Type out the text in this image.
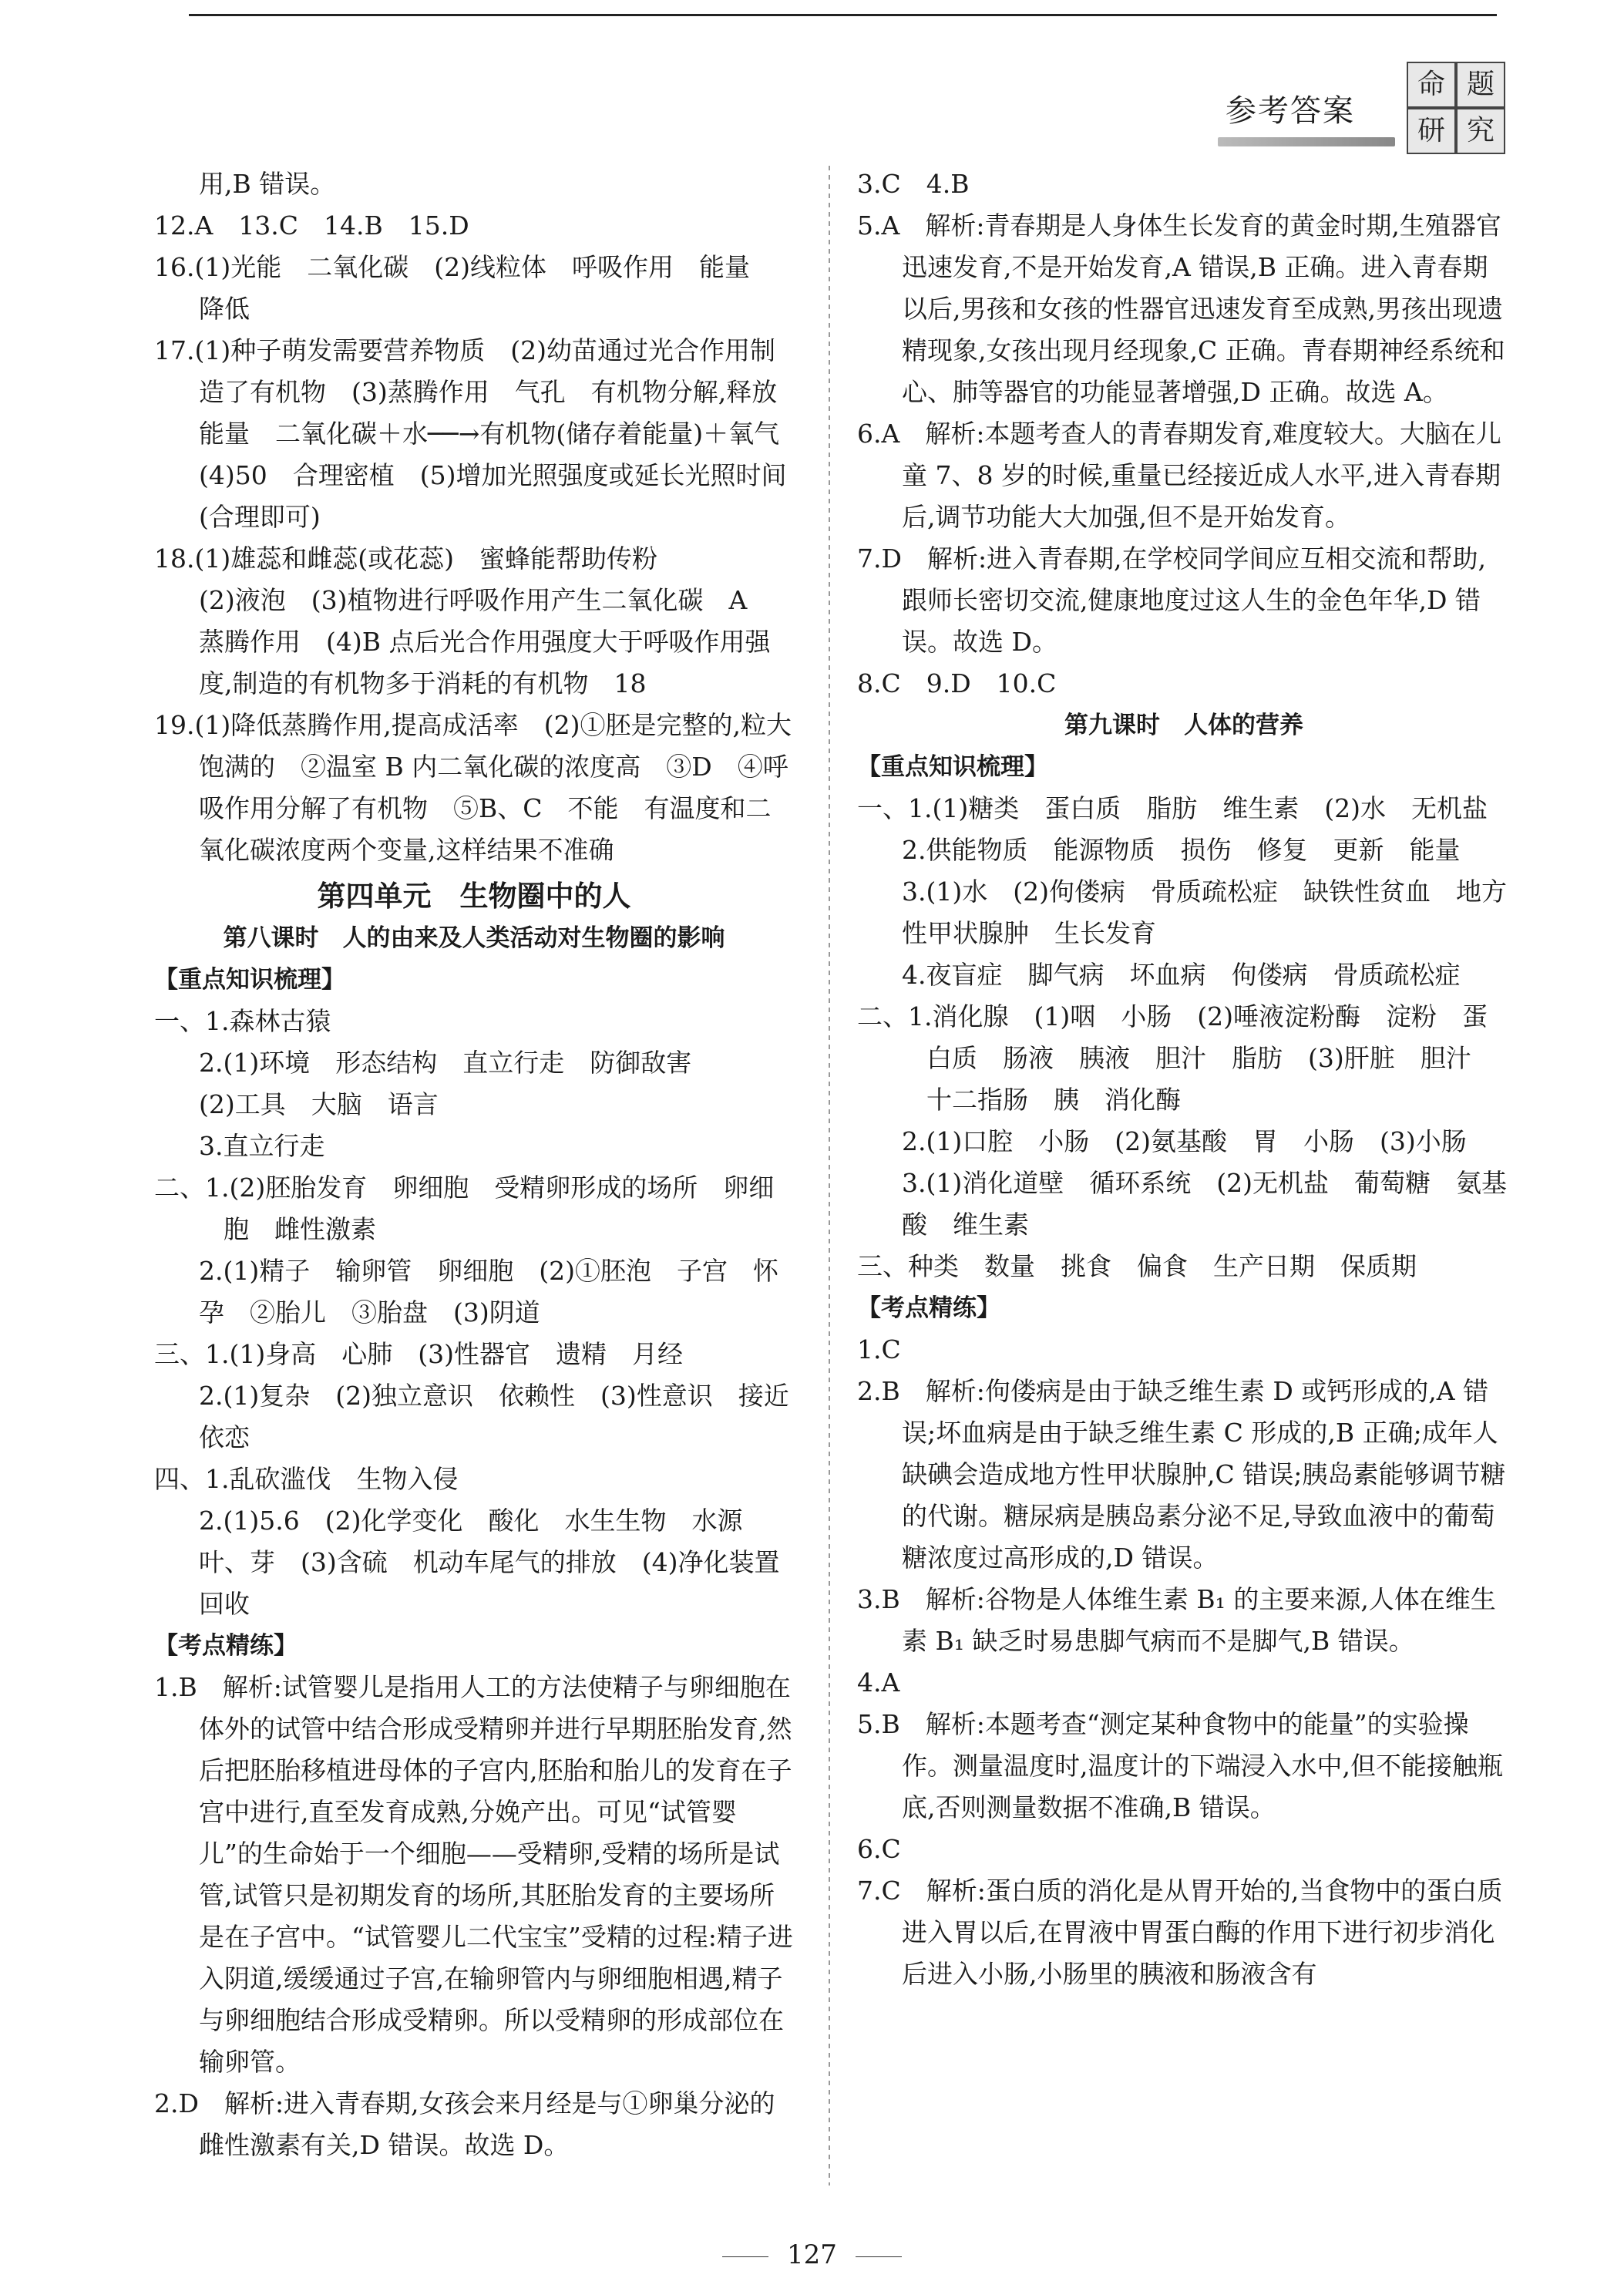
参考答案
命 题
研 究
用,B 错误。
12.A　13.C　14.B　15.D
16.(1)光能　二氧化碳　(2)线粒体　呼吸作用　能量　降低
17.(1)种子萌发需要营养物质　(2)幼苗通过光合作用制造了有机物　(3)蒸腾作用　气孔　有机物分解,释放能量　二氧化碳＋水──→有机物(储存着能量)＋氧气　(4)50　合理密植　(5)增加光照强度或延长光照时间(合理即可)
18.(1)雄蕊和雌蕊(或花蕊)　蜜蜂能帮助传粉
(2)液泡　(3)植物进行呼吸作用产生二氧化碳　A　蒸腾作用　(4)B 点后光合作用强度大于呼吸作用强度,制造的有机物多于消耗的有机物　18
19.(1)降低蒸腾作用,提高成活率　(2)①胚是完整的,粒大饱满的　②温室 B 内二氧化碳的浓度高　③D　④呼吸作用分解了有机物　⑤B、C　不能　有温度和二氧化碳浓度两个变量,这样结果不准确
第四单元　生物圈中的人
第八课时　人的由来及人类活动对生物圈的影响
【重点知识梳理】
一、1.森林古猿
2.(1)环境　形态结构　直立行走　防御敌害
(2)工具　大脑　语言
3.直立行走
二、1.(2)胚胎发育　卵细胞　受精卵形成的场所　卵细胞　雌性激素
2.(1)精子　输卵管　卵细胞　(2)①胚泡　子宫　怀孕　②胎儿　③胎盘　(3)阴道
三、1.(1)身高　心肺　(3)性器官　遗精　月经
2.(1)复杂　(2)独立意识　依赖性　(3)性意识　接近　依恋
四、1.乱砍滥伐　生物入侵
2.(1)5.6　(2)化学变化　酸化　水生生物　水源　叶、芽　(3)含硫　机动车尾气的排放　(4)净化装置　回收
【考点精练】
1.B　解析:试管婴儿是指用人工的方法使精子与卵细胞在体外的试管中结合形成受精卵并进行早期胚胎发育,然后把胚胎移植进母体的子宫内,胚胎和胎儿的发育在子宫中进行,直至发育成熟,分娩产出。可见“试管婴儿”的生命始于一个细胞——受精卵,受精的场所是试管,试管只是初期发育的场所,其胚胎发育的主要场所是在子宫中。“试管婴儿二代宝宝”受精的过程:精子进入阴道,缓缓通过子宫,在输卵管内与卵细胞相遇,精子与卵细胞结合形成受精卵。所以受精卵的形成部位在输卵管。
2.D　解析:进入青春期,女孩会来月经是与①卵巢分泌的雌性激素有关,D 错误。故选 D。
3.C　4.B
5.A　解析:青春期是人身体生长发育的黄金时期,生殖器官迅速发育,不是开始发育,A 错误,B 正确。进入青春期以后,男孩和女孩的性器官迅速发育至成熟,男孩出现遗精现象,女孩出现月经现象,C 正确。青春期神经系统和心、肺等器官的功能显著增强,D 正确。故选 A。
6.A　解析:本题考查人的青春期发育,难度较大。大脑在儿童 7、8 岁的时候,重量已经接近成人水平,进入青春期后,调节功能大大加强,但不是开始发育。
7.D　解析:进入青春期,在学校同学间应互相交流和帮助,跟师长密切交流,健康地度过这人生的金色年华,D 错误。故选 D。
8.C　9.D　10.C
第九课时　人体的营养
【重点知识梳理】
一、1.(1)糖类　蛋白质　脂肪　维生素　(2)水　无机盐
2.供能物质　能源物质　损伤　修复　更新　能量
3.(1)水　(2)佝偻病　骨质疏松症　缺铁性贫血　地方性甲状腺肿　生长发育
4.夜盲症　脚气病　坏血病　佝偻病　骨质疏松症
二、1.消化腺　(1)咽　小肠　(2)唾液淀粉酶　淀粉　蛋白质　肠液　胰液　胆汁　脂肪　(3)肝脏　胆汁　十二指肠　胰　消化酶
2.(1)口腔　小肠　(2)氨基酸　胃　小肠　(3)小肠
3.(1)消化道壁　循环系统　(2)无机盐　葡萄糖　氨基酸　维生素
三、种类　数量　挑食　偏食　生产日期　保质期
【考点精练】
1.C
2.B　解析:佝偻病是由于缺乏维生素 D 或钙形成的,A 错误;坏血病是由于缺乏维生素 C 形成的,B 正确;成年人缺碘会造成地方性甲状腺肿,C 错误;胰岛素能够调节糖的代谢。糖尿病是胰岛素分泌不足,导致血液中的葡萄糖浓度过高形成的,D 错误。
3.B　解析:谷物是人体维生素 B₁ 的主要来源,人体在维生素 B₁ 缺乏时易患脚气病而不是脚气,B 错误。
4.A
5.B　解析:本题考查“测定某种食物中的能量”的实验操作。测量温度时,温度计的下端浸入水中,但不能接触瓶底,否则测量数据不准确,B 错误。
6.C
7.C　解析:蛋白质的消化是从胃开始的,当食物中的蛋白质进入胃以后,在胃液中胃蛋白酶的作用下进行初步消化后进入小肠,小肠里的胰液和肠液含有
127
